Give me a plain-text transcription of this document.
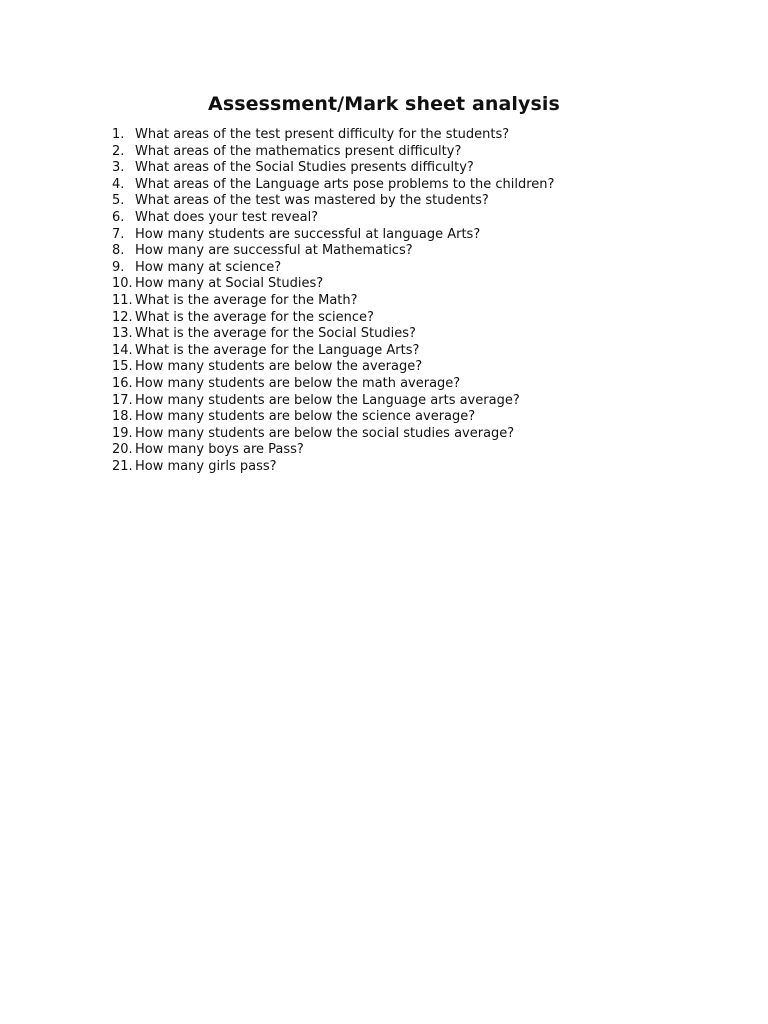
Assessment/Mark sheet analysis
1. What areas of the test present difficulty for the students?
2. What areas of the mathematics present difficulty?
3. What areas of the Social Studies presents difficulty?
4. What areas of the Language arts pose problems to the children?
5. What areas of the test was mastered by the students?
6. What does your test reveal?
7. How many students are successful at language Arts?
8. How many are successful at Mathematics?
9. How many at science?
10. How many at Social Studies?
11. What is the average for the Math?
12. What is the average for the science?
13. What is the average for the Social Studies?
14. What is the average for the Language Arts?
15. How many students are below the average?
16. How many students are below the math average?
17. How many students are below the Language arts average?
18. How many students are below the science average?
19. How many students are below the social studies average?
20. How many boys are Pass?
21. How many girls pass?
